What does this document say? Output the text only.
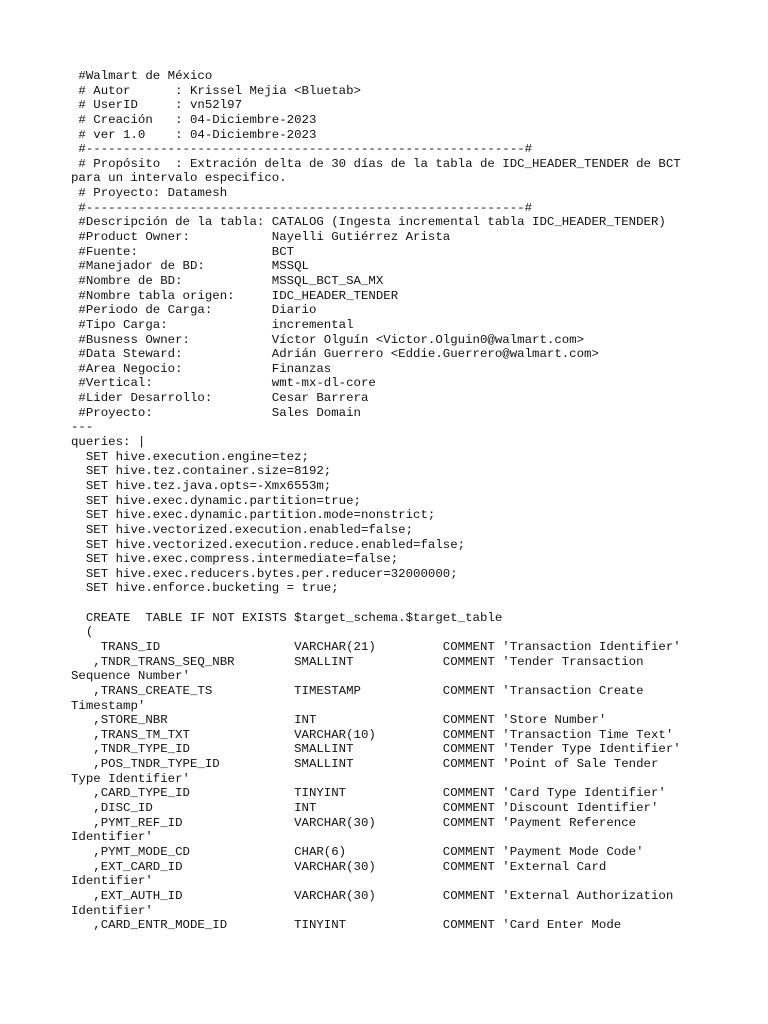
#Walmart de México
# Autor      : Krissel Mejia <Bluetab>
# UserID     : vn52l97
# Creación   : 04-Diciembre-2023
# ver 1.0    : 04-Diciembre-2023
#-----------------------------------------------------------#
# Propósito  : Extración delta de 30 días de la tabla de IDC_HEADER_TENDER de BCT
para un intervalo especifico.
# Proyecto: Datamesh
#-----------------------------------------------------------#
#Descripción de la tabla: CATALOG (Ingesta incremental tabla IDC_HEADER_TENDER)
#Product Owner:           Nayelli Gutiérrez Arista
#Fuente:                  BCT
#Manejador de BD:         MSSQL
#Nombre de BD:            MSSQL_BCT_SA_MX
#Nombre tabla origen:     IDC_HEADER_TENDER
#Periodo de Carga:        Diario
#Tipo Carga:              incremental
#Busness Owner:           Víctor Olguín <Victor.Olguin0@walmart.com>
#Data Steward:            Adrián Guerrero <Eddie.Guerrero@walmart.com>
#Area Negocio:            Finanzas
#Vertical:                wmt-mx-dl-core
#Lider Desarrollo:        Cesar Barrera
#Proyecto:                Sales Domain
---
queries: |
SET hive.execution.engine=tez;
SET hive.tez.container.size=8192;
SET hive.tez.java.opts=-Xmx6553m;
SET hive.exec.dynamic.partition=true;
SET hive.exec.dynamic.partition.mode=nonstrict;
SET hive.vectorized.execution.enabled=false;
SET hive.vectorized.execution.reduce.enabled=false;
SET hive.exec.compress.intermediate=false;
SET hive.exec.reducers.bytes.per.reducer=32000000;
SET hive.enforce.bucketing = true;
CREATE  TABLE IF NOT EXISTS $target_schema.$target_table
(
TRANS_ID                  VARCHAR(21)         COMMENT 'Transaction Identifier'
,TNDR_TRANS_SEQ_NBR        SMALLINT            COMMENT 'Tender Transaction
Sequence Number'
,TRANS_CREATE_TS           TIMESTAMP           COMMENT 'Transaction Create
Timestamp'
,STORE_NBR                 INT                 COMMENT 'Store Number'
,TRANS_TM_TXT              VARCHAR(10)         COMMENT 'Transaction Time Text'
,TNDR_TYPE_ID              SMALLINT            COMMENT 'Tender Type Identifier'
,POS_TNDR_TYPE_ID          SMALLINT            COMMENT 'Point of Sale Tender
Type Identifier'
,CARD_TYPE_ID              TINYINT             COMMENT 'Card Type Identifier'
,DISC_ID                   INT                 COMMENT 'Discount Identifier'
,PYMT_REF_ID               VARCHAR(30)         COMMENT 'Payment Reference
Identifier'
,PYMT_MODE_CD              CHAR(6)             COMMENT 'Payment Mode Code'
,EXT_CARD_ID               VARCHAR(30)         COMMENT 'External Card
Identifier'
,EXT_AUTH_ID               VARCHAR(30)         COMMENT 'External Authorization
Identifier'
,CARD_ENTR_MODE_ID         TINYINT             COMMENT 'Card Enter Mode
